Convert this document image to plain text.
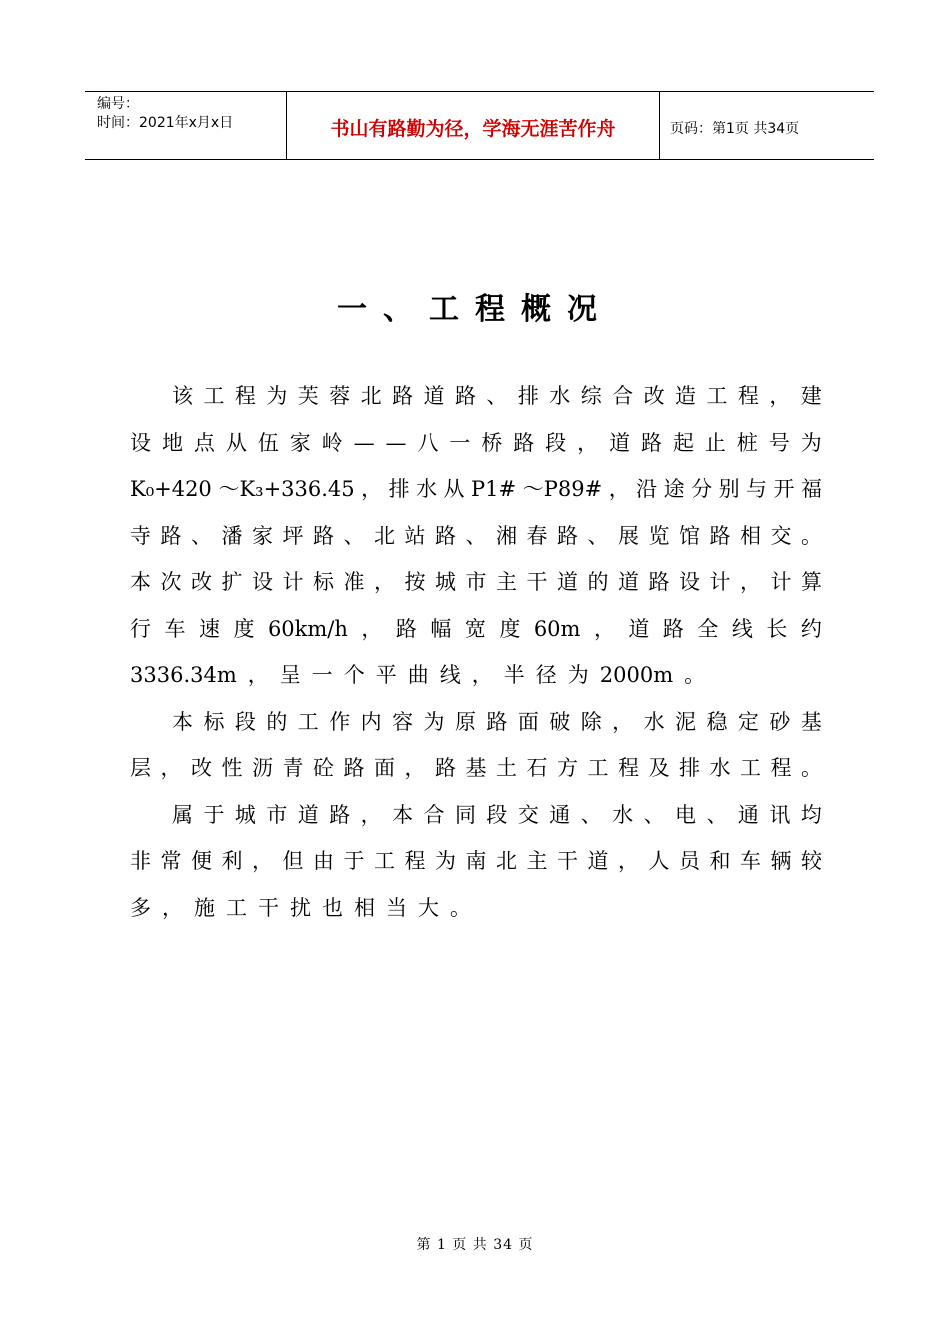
编号：
时间：2021年x月x日	书山有路勤为径，学海无涯苦作舟	页码：第1页 共34页
一、工程概况
该 工 程 为 芙 蓉 北 路 道 路 、 排 水 综 合 改 造 工 程 ， 建
设 地 点 从 伍 家 岭 — — 八 一 桥 路 段 ， 道 路 起 止 桩 号 为
K₀+420 ～K₃+336.45 ， 排 水 从 P1# ～P89# ， 沿 途 分 别 与 开 福
寺 路 、 潘 家 坪 路 、 北 站 路 、 湘 春 路 、 展 览 馆 路 相 交 。
本 次 改 扩 设 计 标 准 ， 按 城 市 主 干 道 的 道 路 设 计 ， 计 算
行 车 速 度 60km/h ， 路 幅 宽 度 60m ， 道 路 全 线 长 约
3336.34m ， 呈 一 个 平 曲 线 ， 半 径 为 2000m 。
本 标 段 的 工 作 内 容 为 原 路 面 破 除 ， 水 泥 稳 定 砂 基
层 ， 改 性 沥 青 砼 路 面 ， 路 基 土 石 方 工 程 及 排 水 工 程 。
属 于 城 市 道 路 ， 本 合 同 段 交 通 、 水 、 电 、 通 讯 均
非 常 便 利 ， 但 由 于 工 程 为 南 北 主 干 道 ， 人 员 和 车 辆 较
多 ， 施 工 干 扰 也 相 当 大 。
第 1 页 共 34 页
